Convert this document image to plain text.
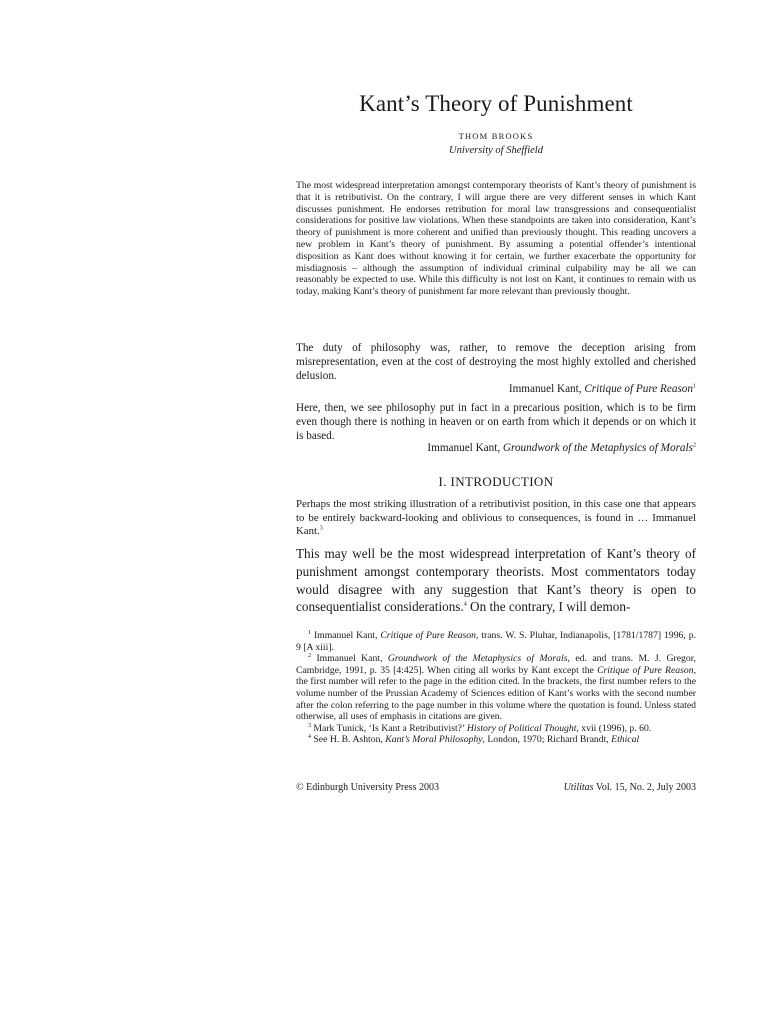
Kant’s Theory of Punishment
THOM BROOKS
University of Sheffield

The most widespread interpretation amongst contemporary theorists of Kant’s theory of punishment is that it is retributivist. On the contrary, I will argue there are very different senses in which Kant discusses punishment. He endorses retribution for moral law transgressions and consequentialist considerations for positive law violations. When these standpoints are taken into consideration, Kant’s theory of punishment is more coherent and unified than previously thought. This reading uncovers a new problem in Kant’s theory of punishment. By assuming a potential offender’s intentional disposition as Kant does without knowing it for certain, we further exacerbate the opportunity for misdiagnosis – although the assumption of individual criminal culpability may be all we can reasonably be expected to use. While this difficulty is not lost on Kant, it continues to remain with us today, making Kant’s theory of punishment far more relevant than previously thought.

The duty of philosophy was, rather, to remove the deception arising from misrepresentation, even at the cost of destroying the most highly extolled and cherished delusion.

Immanuel Kant, Critique of Pure Reason$^1$

Here, then, we see philosophy put in fact in a precarious position, which is to be firm even though there is nothing in heaven or on earth from which it depends or on which it is based.

Immanuel Kant, Groundwork of the Metaphysics of Morals$^2$
I. INTRODUCTION

Perhaps the most striking illustration of a retributivist position, in this case one that appears to be entirely backward-looking and oblivious to consequences, is found in … Immanuel Kant.$^3$

This may well be the most widespread interpretation of Kant’s theory of punishment amongst contemporary theorists. Most commentators today would disagree with any suggestion that Kant’s theory is open to consequentialist considerations.$^4$ On the contrary, I will demon-

$^1$ Immanuel Kant, Critique of Pure Reason, trans. W. S. Pluhar, Indianapolis, [1781/1787] 1996, p. 9 [A xiii].

$^2$ Immanuel Kant, Groundwork of the Metaphysics of Morals, ed. and trans. M. J. Gregor, Cambridge, 1991, p. 35 [4:425]. When citing all works by Kant except the Critique of Pure Reason, the first number will refer to the page in the edition cited. In the brackets, the first number refers to the volume number of the Prussian Academy of Sciences edition of Kant’s works with the second number after the colon referring to the page number in this volume where the quotation is found. Unless stated otherwise, all uses of emphasis in citations are given.

$^3$ Mark Tunick, ‘Is Kant a Retributivist?’ History of Political Thought, xvii (1996), p. 60.

$^4$ See H. B. Ashton, Kant’s Moral Philosophy, London, 1970; Richard Brandt, Ethical

© Edinburgh University Press 2003	Utilitas Vol. 15, No. 2, July 2003
